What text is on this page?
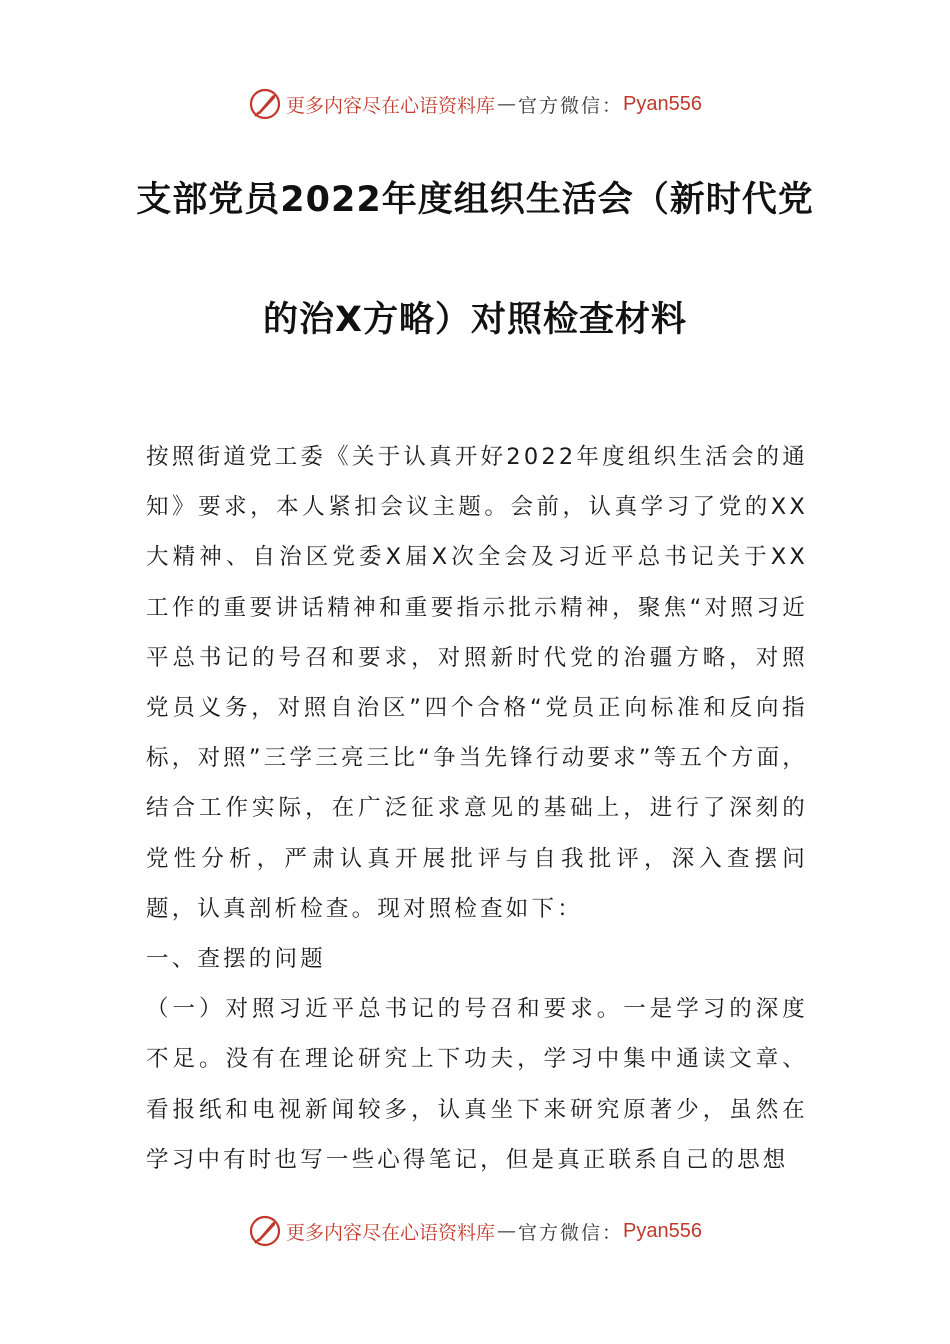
更多内容尽在心语资料库 — 官方微信： Pyan556
支部党员2022年度组织生活会（新时代党
的治X方略）对照检查材料

按照街道党工委《关于认真开好2022年度组织生活会的通知》要求，本人紧扣会议主题。会前，认真学习了党的XX大精神、自治区党委X届X次全会及习近平总书记关于XX工作的重要讲话精神和重要指示批示精神，聚焦“对照习近平总书记的号召和要求，对照新时代党的治疆方略，对照党员义务，对照自治区”四个合格“党员正向标准和反向指标，对照”三学三亮三比“争当先锋行动要求”等五个方面，结合工作实际，在广泛征求意见的基础上，进行了深刻的党性分析，严肃认真开展批评与自我批评，深入查摆问题，认真剖析检查。现对照检查如下：

一、查摆的问题

（一）对照习近平总书记的号召和要求。一是学习的深度不足。没有在理论研究上下功夫，学习中集中通读文章、看报纸和电视新闻较多，认真坐下来研究原著少，虽然在学习中有时也写一些心得笔记，但是真正联系自己的思想

更多内容尽在心语资料库 — 官方微信： Pyan556
